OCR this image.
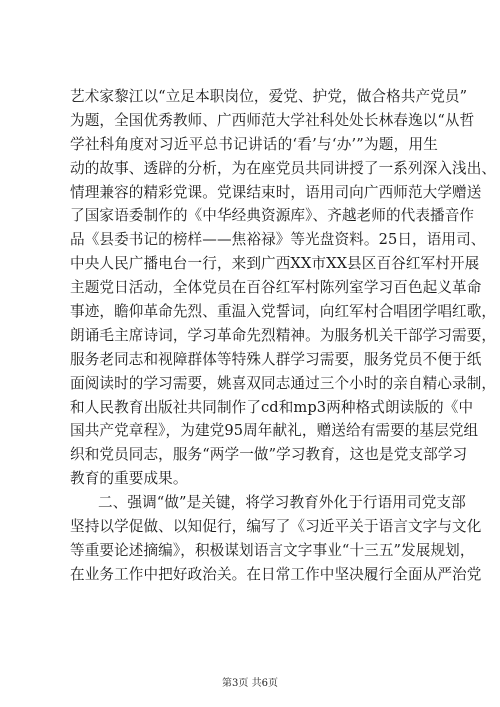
艺术家黎江以“立足本职岗位，爱党、护党，做合格共产党员”
为题，全国优秀教师、广西师范大学社科处处长林春逸以“从哲
学社科角度对习近平总书记讲话的‘看’与‘办’”为题，用生
动的故事、透辟的分析，为在座党员共同讲授了一系列深入浅出、
情理兼容的精彩党课。党课结束时，语用司向广西师范大学赠送
了国家语委制作的《中华经典资源库》、齐越老师的代表播音作
品《县委书记的榜样——焦裕禄》等光盘资料。25日，语用司、
中央人民广播电台一行，来到广西XX市XX县区百谷红军村开展
主题党日活动，全体党员在百谷红军村陈列室学习百色起义革命
事迹，瞻仰革命先烈、重温入党誓词，向红军村合唱团学唱红歌，
朗诵毛主席诗词，学习革命先烈精神。为服务机关干部学习需要，
服务老同志和视障群体等特殊人群学习需要，服务党员不便于纸
面阅读时的学习需要，姚喜双同志通过三个小时的亲自精心录制，
和人民教育出版社共同制作了cd和mp3两种格式朗读版的《中
国共产党章程》，为建党95周年献礼，赠送给有需要的基层党组
织和党员同志，服务“两学一做”学习教育，这也是党支部学习
教育的重要成果。
二、强调“做”是关键，将学习教育外化于行语用司党支部
坚持以学促做、以知促行，编写了《习近平关于语言文字与文化
等重要论述摘编》，积极谋划语言文字事业“十三五”发展规划，
在业务工作中把好政治关。在日常工作中坚决履行全面从严治党
第3页 共6页
